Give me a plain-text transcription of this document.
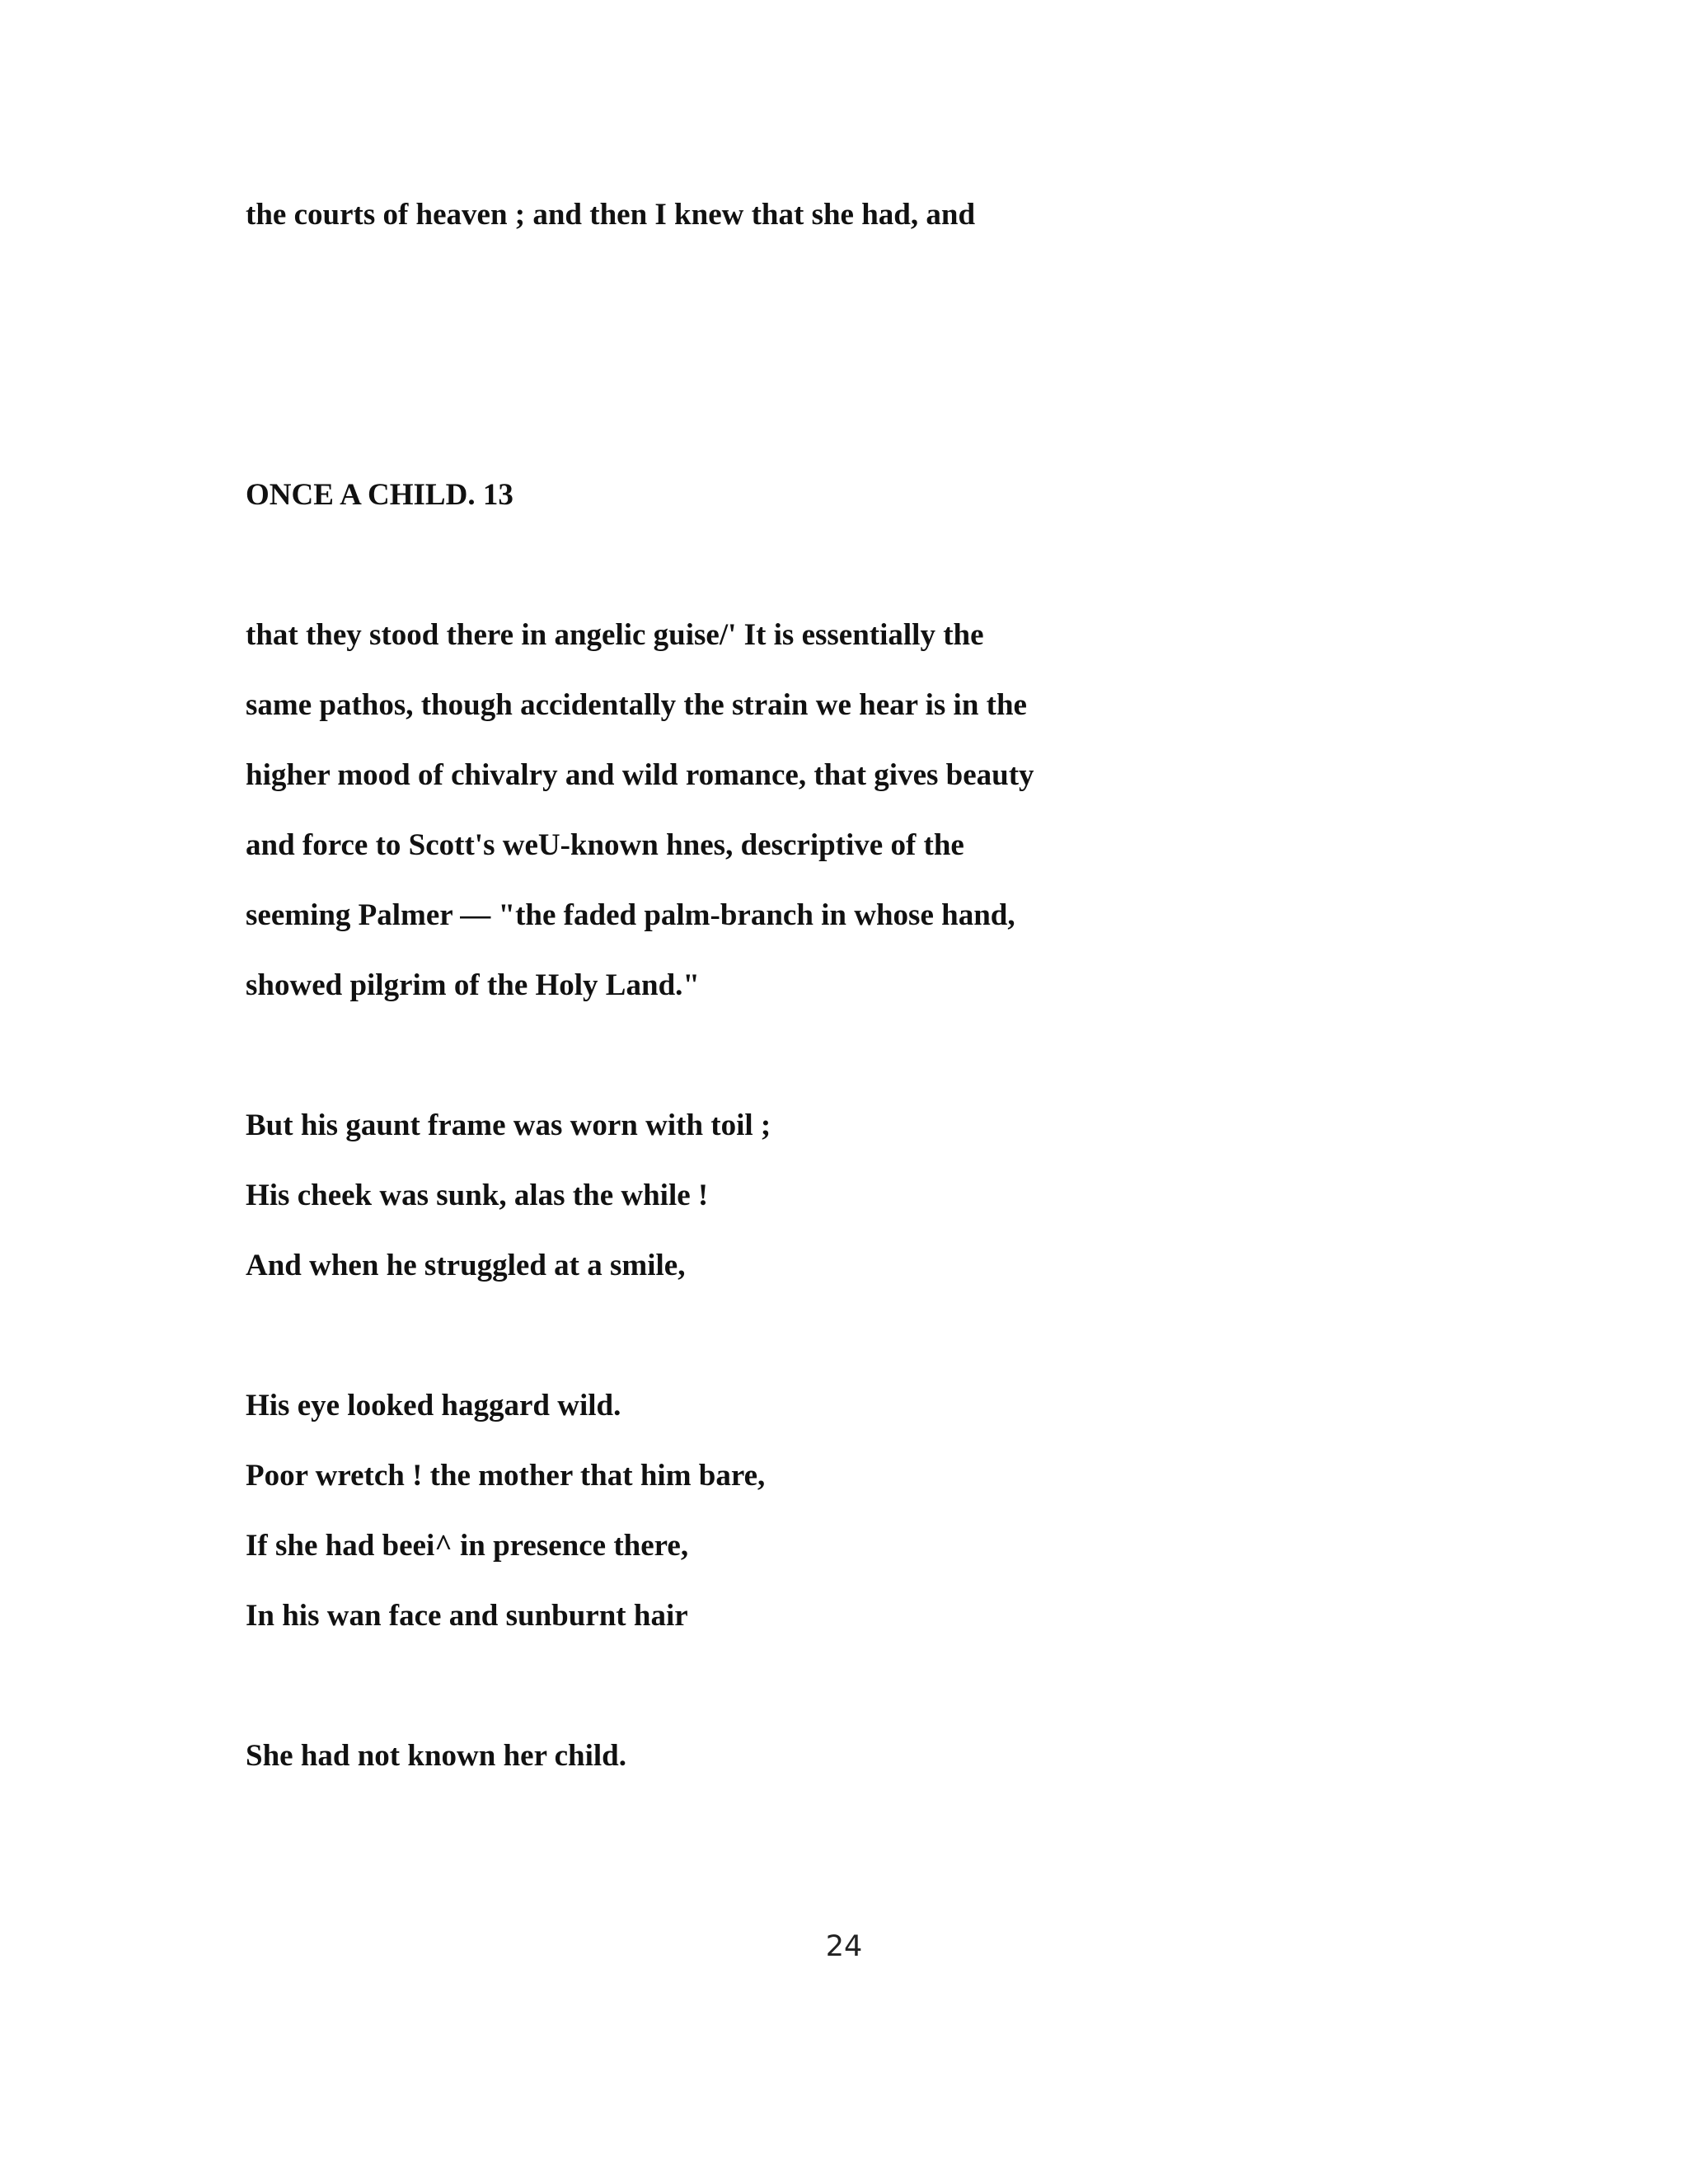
the courts of heaven ; and then I knew that she had, and

ONCE A CHILD. 13

that they stood there in angelic guise/' It is essentially the

same pathos, though accidentally the strain we hear is in the

higher mood of chivalry and wild romance, that gives beauty

and force to Scott's weU-known hnes, descriptive of the

seeming Palmer — "the faded palm-branch in whose hand,

showed pilgrim of the Holy Land."

But his gaunt frame was worn with toil ;

His cheek was sunk, alas the while !

And when he struggled at a smile,

His eye looked haggard wild.

Poor wretch ! the mother that him bare,

If she had beei^ in presence there,

In his wan face and sunburnt hair

She had not known her child.

24
